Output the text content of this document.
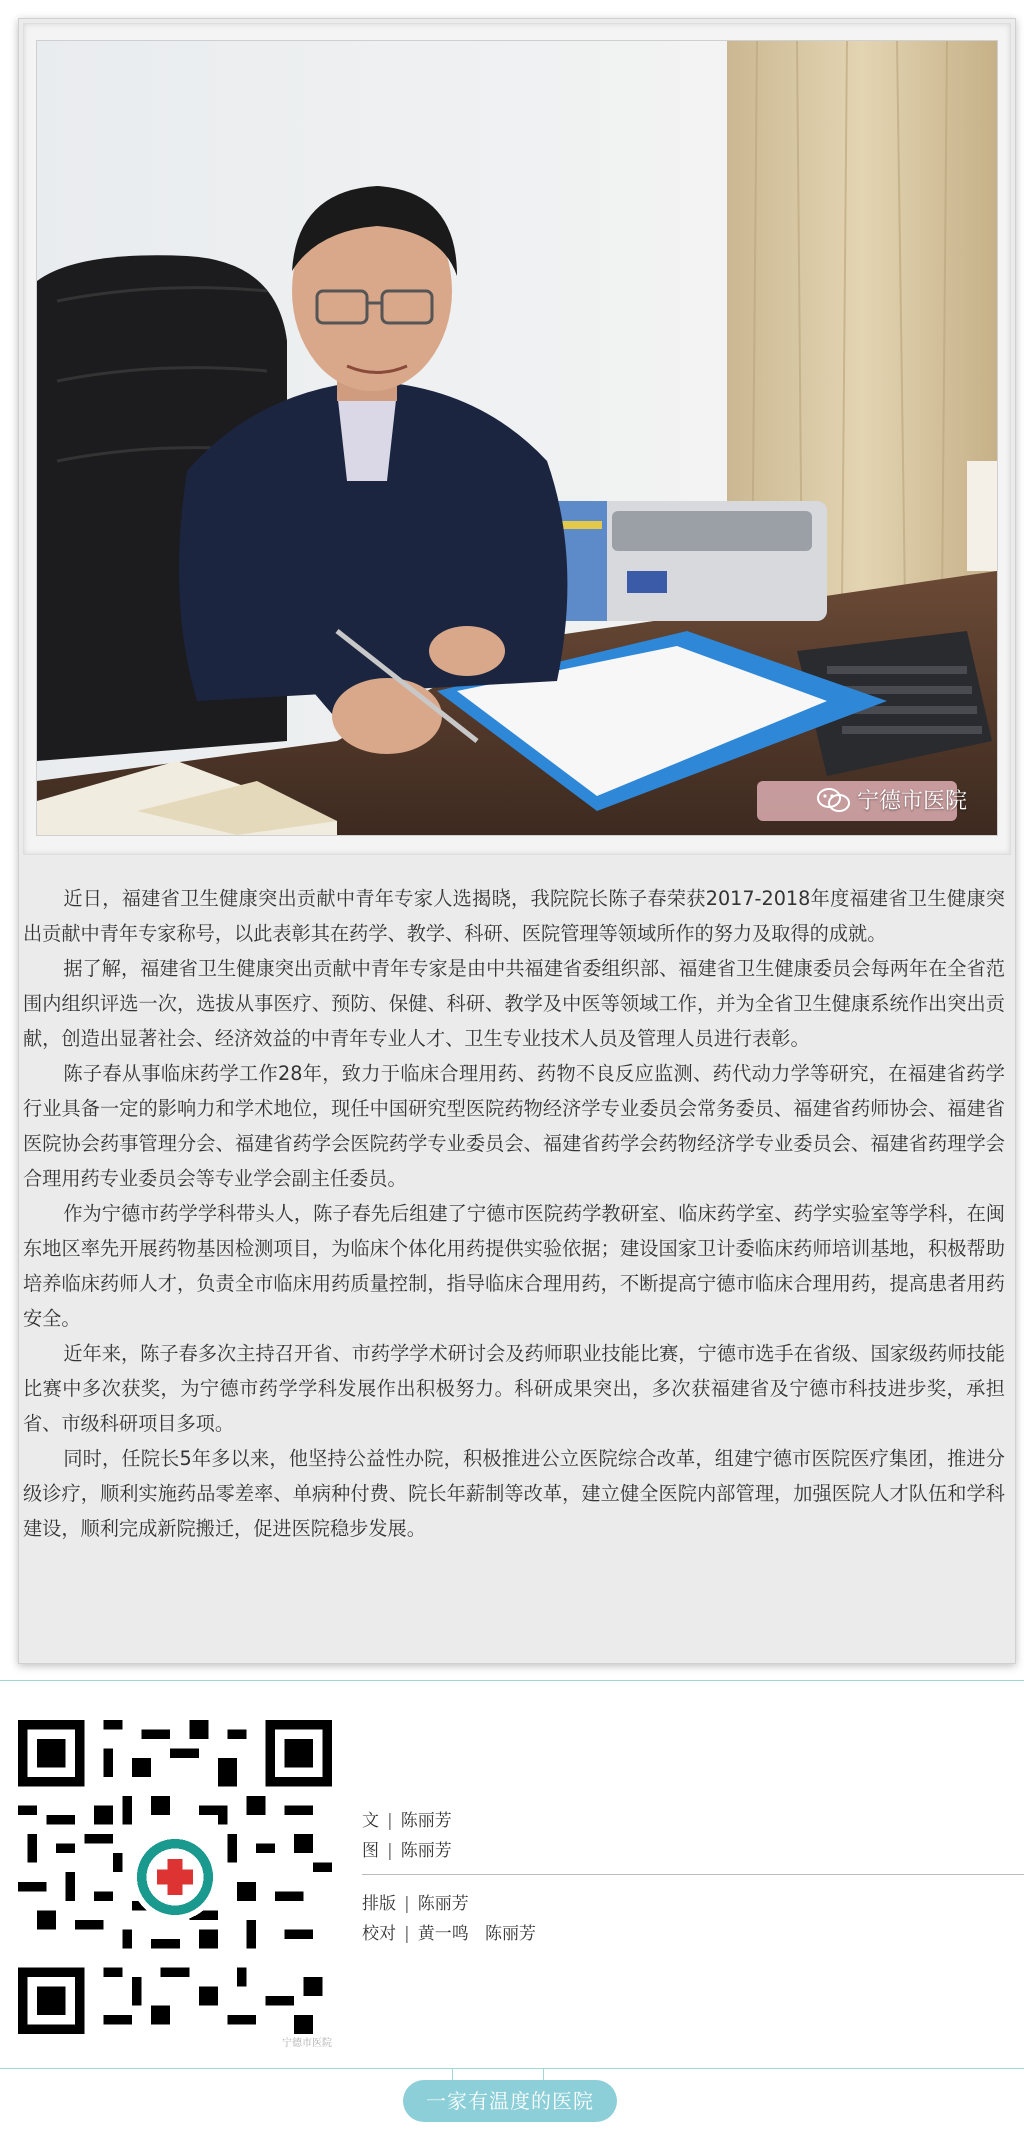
宁德市医院

近日，福建省卫生健康突出贡献中青年专家人选揭晓，我院院长陈子春荣获2017-2018年度福建省卫生健康突出贡献中青年专家称号，以此表彰其在药学、教学、科研、医院管理等领域所作的努力及取得的成就。

据了解，福建省卫生健康突出贡献中青年专家是由中共福建省委组织部、福建省卫生健康委员会每两年在全省范围内组织评选一次，选拔从事医疗、预防、保健、科研、教学及中医等领域工作，并为全省卫生健康系统作出突出贡献，创造出显著社会、经济效益的中青年专业人才、卫生专业技术人员及管理人员进行表彰。

陈子春从事临床药学工作28年，致力于临床合理用药、药物不良反应监测、药代动力学等研究，在福建省药学行业具备一定的影响力和学术地位，现任中国研究型医院药物经济学专业委员会常务委员、福建省药师协会、福建省医院协会药事管理分会、福建省药学会医院药学专业委员会、福建省药学会药物经济学专业委员会、福建省药理学会合理用药专业委员会等专业学会副主任委员。

作为宁德市药学学科带头人，陈子春先后组建了宁德市医院药学教研室、临床药学室、药学实验室等学科，在闽东地区率先开展药物基因检测项目，为临床个体化用药提供实验依据；建设国家卫计委临床药师培训基地，积极帮助培养临床药师人才，负责全市临床用药质量控制，指导临床合理用药，不断提高宁德市临床合理用药，提高患者用药安全。

近年来，陈子春多次主持召开省、市药学学术研讨会及药师职业技能比赛，宁德市选手在省级、国家级药师技能比赛中多次获奖，为宁德市药学学科发展作出积极努力。科研成果突出，多次获福建省及宁德市科技进步奖，承担省、市级科研项目多项。

同时，任院长5年多以来，他坚持公益性办院，积极推进公立医院综合改革，组建宁德市医院医疗集团，推进分级诊疗，顺利实施药品零差率、单病种付费、院长年薪制等改革，建立健全医院内部管理，加强医院人才队伍和学科建设，顺利完成新院搬迁，促进医院稳步发展。

宁德市医院
文 | 陈丽芳
图 | 陈丽芳
排版 | 陈丽芳
校对 | 黄一鸣   陈丽芳
一家有温度的医院
